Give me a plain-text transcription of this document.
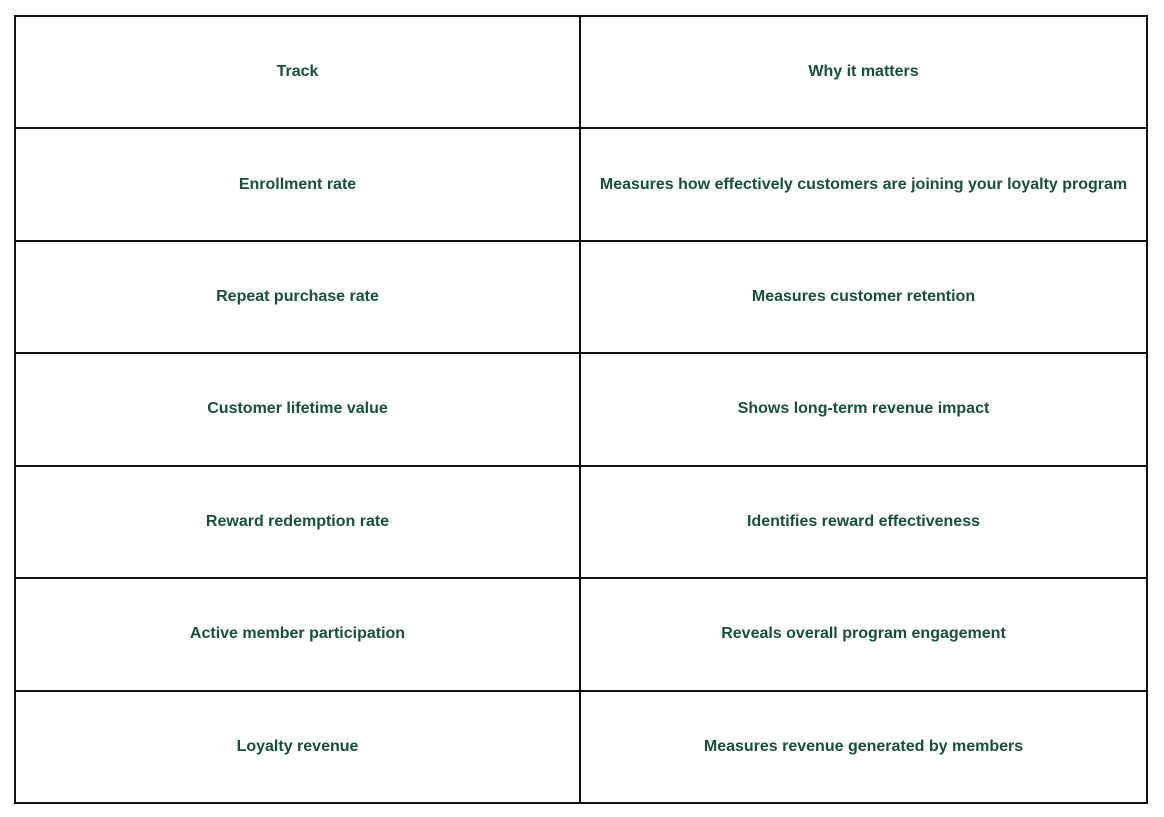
Track	Why it matters
Enrollment rate	Measures how effectively customers are joining your loyalty program
Repeat purchase rate	Measures customer retention
Customer lifetime value	Shows long-term revenue impact
Reward redemption rate	Identifies reward effectiveness
Active member participation	Reveals overall program engagement
Loyalty revenue	Measures revenue generated by members
